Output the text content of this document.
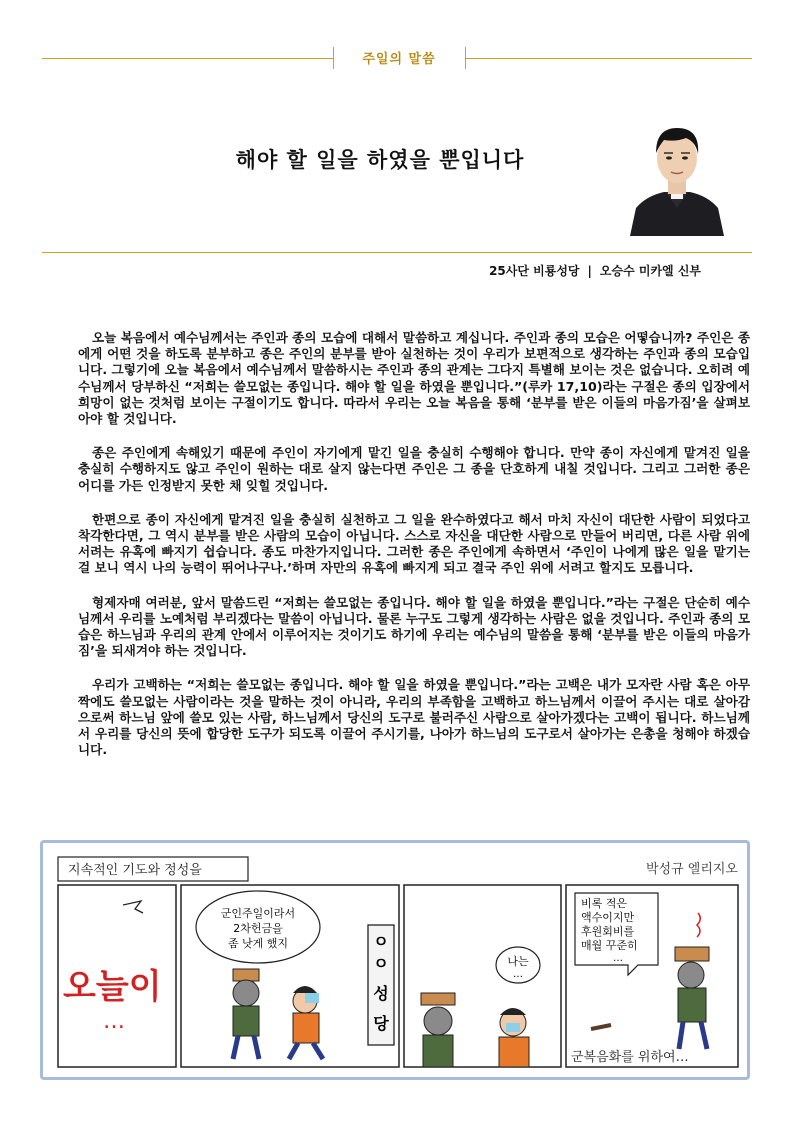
주일의 말씀
해야 할 일을 하였을 뿐입니다
25사단 비룡성당 | 오승수 미카엘 신부

오늘 복음에서 예수님께서는 주인과 종의 모습에 대해서 말씀하고 계십니다. 주인과 종의 모습은 어떻습니까? 주인은 종에게 어떤 것을 하도록 분부하고 종은 주인의 분부를 받아 실천하는 것이 우리가 보편적으로 생각하는 주인과 종의 모습입니다. 그렇기에 오늘 복음에서 예수님께서 말씀하시는 주인과 종의 관계는 그다지 특별해 보이는 것은 없습니다. 오히려 예수님께서 당부하신 “저희는 쓸모없는 종입니다. 해야 할 일을 하였을 뿐입니다.”(루카 17,10)라는 구절은 종의 입장에서 희망이 없는 것처럼 보이는 구절이기도 합니다. 따라서 우리는 오늘 복음을 통해 ‘분부를 받은 이들의 마음가짐’을 살펴보아야 할 것입니다.

종은 주인에게 속해있기 때문에 주인이 자기에게 맡긴 일을 충실히 수행해야 합니다. 만약 종이 자신에게 맡겨진 일을 충실히 수행하지도 않고 주인이 원하는 대로 살지 않는다면 주인은 그 종을 단호하게 내칠 것입니다. 그리고 그러한 종은 어디를 가든 인정받지 못한 채 잊힐 것입니다.

한편으로 종이 자신에게 맡겨진 일을 충실히 실천하고 그 일을 완수하였다고 해서 마치 자신이 대단한 사람이 되었다고 착각한다면, 그 역시 분부를 받은 사람의 모습이 아닙니다. 스스로 자신을 대단한 사람으로 만들어 버리면, 다른 사람 위에 서려는 유혹에 빠지기 쉽습니다. 종도 마찬가지입니다. 그러한 종은 주인에게 속하면서 ‘주인이 나에게 많은 일을 맡기는 걸 보니 역시 나의 능력이 뛰어나구나.’하며 자만의 유혹에 빠지게 되고 결국 주인 위에 서려고 할지도 모릅니다.

형제자매 여러분, 앞서 말씀드린 “저희는 쓸모없는 종입니다. 해야 할 일을 하였을 뿐입니다.”라는 구절은 단순히 예수님께서 우리를 노예처럼 부리겠다는 말씀이 아닙니다. 물론 누구도 그렇게 생각하는 사람은 없을 것입니다. 주인과 종의 모습은 하느님과 우리의 관계 안에서 이루어지는 것이기도 하기에 우리는 예수님의 말씀을 통해 ‘분부를 받은 이들의 마음가짐’을 되새겨야 하는 것입니다.

우리가 고백하는 “저희는 쓸모없는 종입니다. 해야 할 일을 하였을 뿐입니다.”라는 고백은 내가 모자란 사람 혹은 아무짝에도 쓸모없는 사람이라는 것을 말하는 것이 아니라, 우리의 부족함을 고백하고 하느님께서 이끌어 주시는 대로 살아감으로써 하느님 앞에 쓸모 있는 사람, 하느님께서 당신의 도구로 불러주신 사람으로 살아가겠다는 고백이 됩니다. 하느님께서 우리를 당신의 뜻에 합당한 도구가 되도록 이끌어 주시기를, 나아가 하느님의 도구로서 살아가는 은총을 청해야 하겠습니다.

지속적인 기도와 정성을	박성규 엘리지오
오늘이
…
군인주일이라서
2차헌금을
좀 낫게 했지	ㅇ
ㅇ
성
당
나는
…
비록 적은
액수이지만
후원회비를
매월 꾸준히
…
군복음화를 위하여…
